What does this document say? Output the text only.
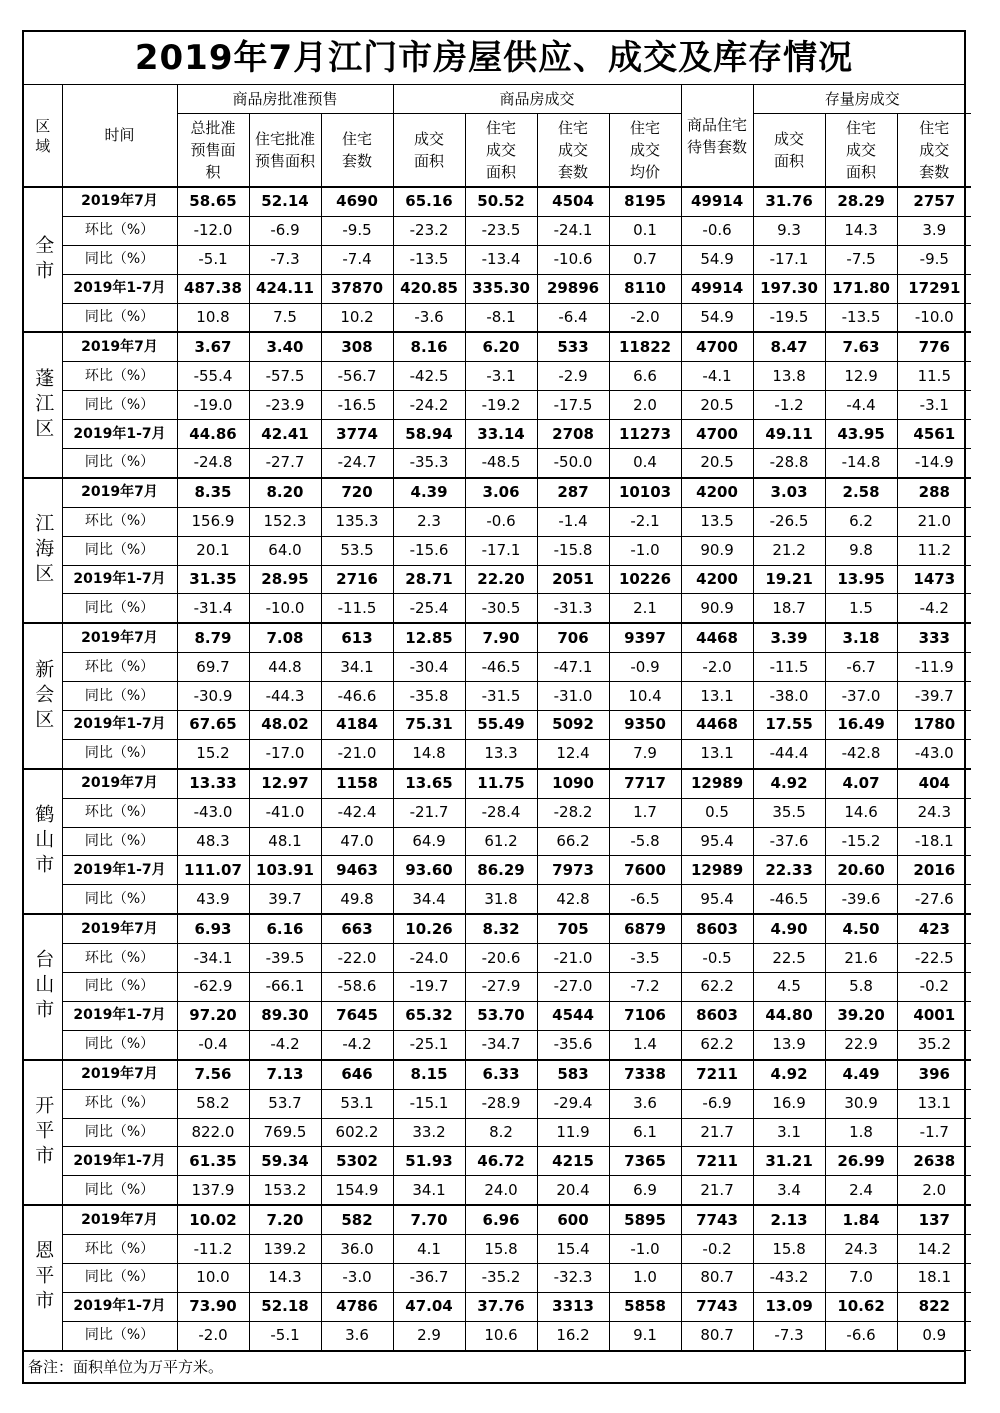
2019年7月江门市房屋供应、成交及库存情况
区域	时间	商品房批准预售			商品房成交				商品住宅待售套数	存量房成交		

		总批准预售面积	住宅批准预售面积	住宅套数	成交面积	住宅成交面积	住宅成交套数	住宅成交均价		成交面积	住宅成交面积	住宅成交套数

全市	2019年7月	58.65	52.14	4690	65.16	50.52	4504	8195	49914	31.76	28.29	2757
	环比（%）	-12.0	-6.9	-9.5	-23.2	-23.5	-24.1	0.1	-0.6	9.3	14.3	3.9
	同比（%）	-5.1	-7.3	-7.4	-13.5	-13.4	-10.6	0.7	54.9	-17.1	-7.5	-9.5
	2019年1-7月	487.38	424.11	37870	420.85	335.30	29896	8110	49914	197.30	171.80	17291
	同比（%）	10.8	7.5	10.2	-3.6	-8.1	-6.4	-2.0	54.9	-19.5	-13.5	-10.0

蓬江区	2019年7月	3.67	3.40	308	8.16	6.20	533	11822	4700	8.47	7.63	776
	环比（%）	-55.4	-57.5	-56.7	-42.5	-3.1	-2.9	6.6	-4.1	13.8	12.9	11.5
	同比（%）	-19.0	-23.9	-16.5	-24.2	-19.2	-17.5	2.0	20.5	-1.2	-4.4	-3.1
	2019年1-7月	44.86	42.41	3774	58.94	33.14	2708	11273	4700	49.11	43.95	4561
	同比（%）	-24.8	-27.7	-24.7	-35.3	-48.5	-50.0	0.4	20.5	-28.8	-14.8	-14.9

江海区	2019年7月	8.35	8.20	720	4.39	3.06	287	10103	4200	3.03	2.58	288
	环比（%）	156.9	152.3	135.3	2.3	-0.6	-1.4	-2.1	13.5	-26.5	6.2	21.0
	同比（%）	20.1	64.0	53.5	-15.6	-17.1	-15.8	-1.0	90.9	21.2	9.8	11.2
	2019年1-7月	31.35	28.95	2716	28.71	22.20	2051	10226	4200	19.21	13.95	1473
	同比（%）	-31.4	-10.0	-11.5	-25.4	-30.5	-31.3	2.1	90.9	18.7	1.5	-4.2

新会区	2019年7月	8.79	7.08	613	12.85	7.90	706	9397	4468	3.39	3.18	333
	环比（%）	69.7	44.8	34.1	-30.4	-46.5	-47.1	-0.9	-2.0	-11.5	-6.7	-11.9
	同比（%）	-30.9	-44.3	-46.6	-35.8	-31.5	-31.0	10.4	13.1	-38.0	-37.0	-39.7
	2019年1-7月	67.65	48.02	4184	75.31	55.49	5092	9350	4468	17.55	16.49	1780
	同比（%）	15.2	-17.0	-21.0	14.8	13.3	12.4	7.9	13.1	-44.4	-42.8	-43.0

鹤山市	2019年7月	13.33	12.97	1158	13.65	11.75	1090	7717	12989	4.92	4.07	404
	环比（%）	-43.0	-41.0	-42.4	-21.7	-28.4	-28.2	1.7	0.5	35.5	14.6	24.3
	同比（%）	48.3	48.1	47.0	64.9	61.2	66.2	-5.8	95.4	-37.6	-15.2	-18.1
	2019年1-7月	111.07	103.91	9463	93.60	86.29	7973	7600	12989	22.33	20.60	2016
	同比（%）	43.9	39.7	49.8	34.4	31.8	42.8	-6.5	95.4	-46.5	-39.6	-27.6

台山市	2019年7月	6.93	6.16	663	10.26	8.32	705	6879	8603	4.90	4.50	423
	环比（%）	-34.1	-39.5	-22.0	-24.0	-20.6	-21.0	-3.5	-0.5	22.5	21.6	-22.5
	同比（%）	-62.9	-66.1	-58.6	-19.7	-27.9	-27.0	-7.2	62.2	4.5	5.8	-0.2
	2019年1-7月	97.20	89.30	7645	65.32	53.70	4544	7106	8603	44.80	39.20	4001
	同比（%）	-0.4	-4.2	-4.2	-25.1	-34.7	-35.6	1.4	62.2	13.9	22.9	35.2

开平市	2019年7月	7.56	7.13	646	8.15	6.33	583	7338	7211	4.92	4.49	396
	环比（%）	58.2	53.7	53.1	-15.1	-28.9	-29.4	3.6	-6.9	16.9	30.9	13.1
	同比（%）	822.0	769.5	602.2	33.2	8.2	11.9	6.1	21.7	3.1	1.8	-1.7
	2019年1-7月	61.35	59.34	5302	51.93	46.72	4215	7365	7211	31.21	26.99	2638
	同比（%）	137.9	153.2	154.9	34.1	24.0	20.4	6.9	21.7	3.4	2.4	2.0

恩平市	2019年7月	10.02	7.20	582	7.70	6.96	600	5895	7743	2.13	1.84	137
	环比（%）	-11.2	139.2	36.0	4.1	15.8	15.4	-1.0	-0.2	15.8	24.3	14.2
	同比（%）	10.0	14.3	-3.0	-36.7	-35.2	-32.3	1.0	80.7	-43.2	7.0	18.1
	2019年1-7月	73.90	52.18	4786	47.04	37.76	3313	5858	7743	13.09	10.62	822
	同比（%）	-2.0	-5.1	3.6	2.9	10.6	16.2	9.1	80.7	-7.3	-6.6	0.9
备注：面积单位为万平方米。
